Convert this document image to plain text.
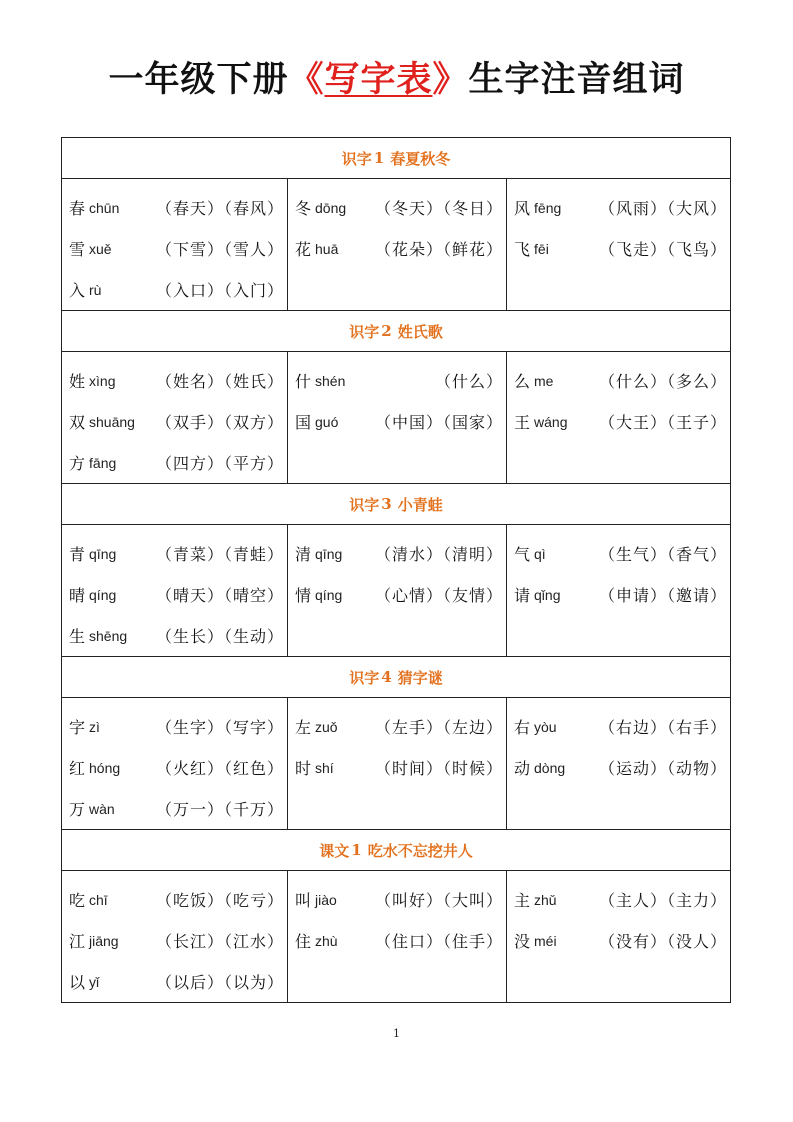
一年级下册《写字表》生字注音组词
识字 1 春夏秋冬
春 chūn （春天）（春风）
雪 xuě	（下雪）（雪人）
入 rù	（入口）（入门）
冬 dōng （冬天）（冬日）
花 huā （花朵）（鲜花）
风 fēng （风雨）（大风）
飞 fēi	（飞走）（飞鸟）
识字 2 姓氏歌
姓 xìng	（姓名）（姓氏）
双 shuāng （双手）（双方）
方 fāng （四方）（平方）
什 shén	（什么）
国 guó （中国）（国家）
么 me	（什么）（多么）
王 wáng （大王）（王子）
识字 3 小青蛙
青 qīng （青菜）（青蛙）
晴 qíng （晴天）（晴空）
生 shēng （生长）（生动）
清 qīng （清水）（清明）
情 qíng （心情）（友情）
气 qì	（生气）（香气）
请 qǐng （申请）（邀请）
识字 4 猜字谜
字 zì	（生字）（写字）
红 hóng （火红）（红色）
万 wàn	（万一）（千万）
左 zuǒ （左手）（左边）
时 shí	（时间）（时候）
右 yòu	（右边）（右手）
动 dòng （运动）（动物）
课文 1 吃水不忘挖井人
吃 chī	（吃饭）（吃亏）
江 jiāng （长江）（江水）
以 yǐ	（以后）（以为）
叫 jiào （叫好）（大叫）
住 zhù （住口）（住手）
主 zhǔ	（主人）（主力）
没 méi	（没有）（没人）
1
